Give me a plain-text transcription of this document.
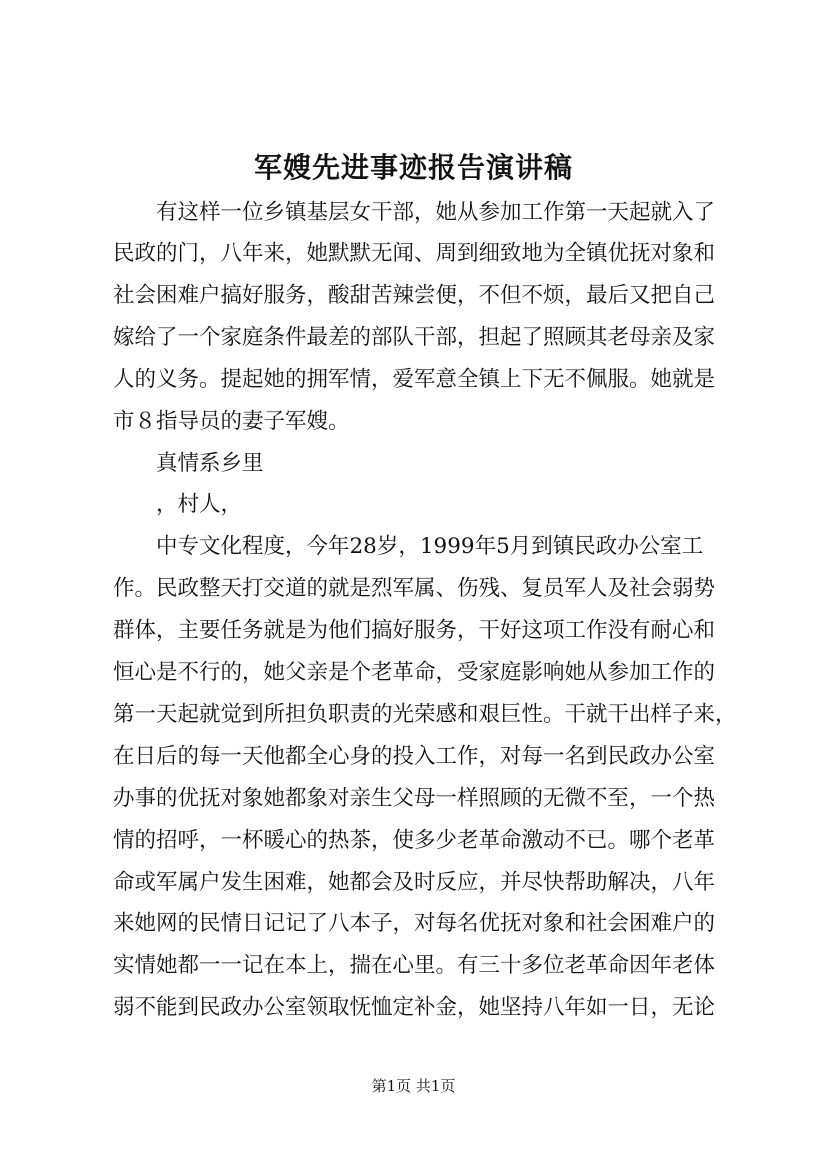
军嫂先进事迹报告演讲稿
　　有这样一位乡镇基层女干部，她从参加工作第一天起就入了
民政的门，八年来，她默默无闻、周到细致地为全镇优抚对象和
社会困难户搞好服务，酸甜苦辣尝便，不但不烦，最后又把自己
嫁给了一个家庭条件最差的部队干部，担起了照顾其老母亲及家
人的义务。提起她的拥军情，爱军意全镇上下无不佩服。她就是
市８指导员的妻子军嫂。
　　真情系乡里
　　，村人，
　　中专文化程度，今年28岁，1999年5月到镇民政办公室工
作。民政整天打交道的就是烈军属、伤残、复员军人及社会弱势
群体，主要任务就是为他们搞好服务，干好这项工作没有耐心和
恒心是不行的，她父亲是个老革命，受家庭影响她从参加工作的
第一天起就觉到所担负职责的光荣感和艰巨性。干就干出样子来，
在日后的每一天他都全心身的投入工作，对每一名到民政办公室
办事的优抚对象她都象对亲生父母一样照顾的无微不至，一个热
情的招呼，一杯暖心的热茶，使多少老革命激动不已。哪个老革
命或军属户发生困难，她都会及时反应，并尽快帮助解决，八年
来她网的民情日记记了八本子，对每名优抚对象和社会困难户的
实情她都一一记在本上，揣在心里。有三十多位老革命因年老体
弱不能到民政办公室领取怃恤定补金，她坚持八年如一日，无论
第1页 共1页
